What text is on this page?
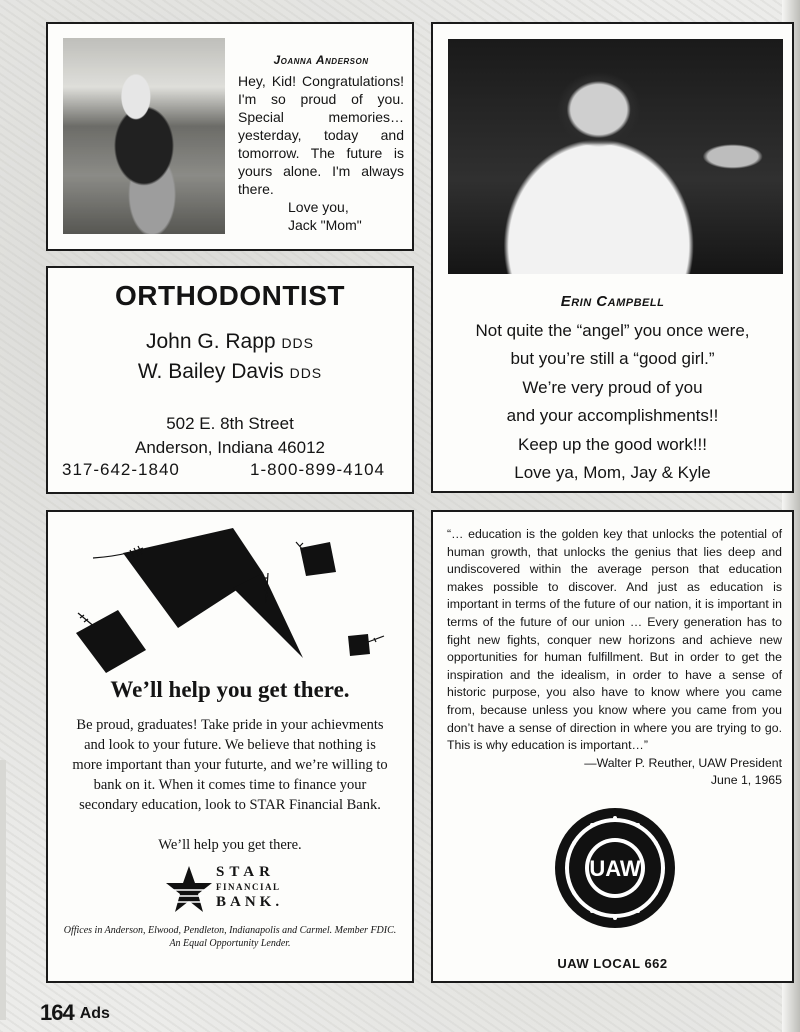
Joanna Anderson
Hey, Kid! Congratulations! I'm so proud of you. Special memories… yesterday, today and tomorrow. The future is yours alone. I'm always there.
Love you,
Jack "Mom"
Erin Campbell
Not quite the “angel” you once were,
but you’re still a “good girl.”
We’re very proud of you
and your accomplishments!!
Keep up the good work!!!
Love ya, Mom, Jay & Kyle
ORTHODONTIST
John G. Rapp DDS
W. Bailey Davis DDS
502 E. 8th Street
Anderson, Indiana 46012
317-642-1840	1-800-899-4104
We’ll help you get there.
Be proud, graduates! Take pride in your achievments and look to your future. We believe that nothing is more important than your futurte, and we’re willing to bank on it. When it comes time to finance your secondary education, look to STAR Financial Bank.
We’ll help you get there.
STAR
FINANCIAL
BANK.
Offices in Anderson, Elwood, Pendleton, Indianapolis and Carmel. Member FDIC. An Equal Opportunity Lender.
“… education is the golden key that unlocks the potential of human growth, that unlocks the genius that lies deep and undiscovered within the average person that education makes possible to discover. And just as education is important in terms of the future of our nation, it is important in terms of the future of our union … Every generation has to fight new fights, conquer new horizons and achieve new opportunities for human fulfillment. But in order to get the inspiration and the idealism, in order to have a sense of historic purpose, you also have to know where you came from, because unless you know where you came from you don’t have a sense of direction in where you are trying to go. This is why education is important…”
—Walter P. Reuther, UAW President
June 1, 1965
UAW
UAW LOCAL 662
164 Ads
